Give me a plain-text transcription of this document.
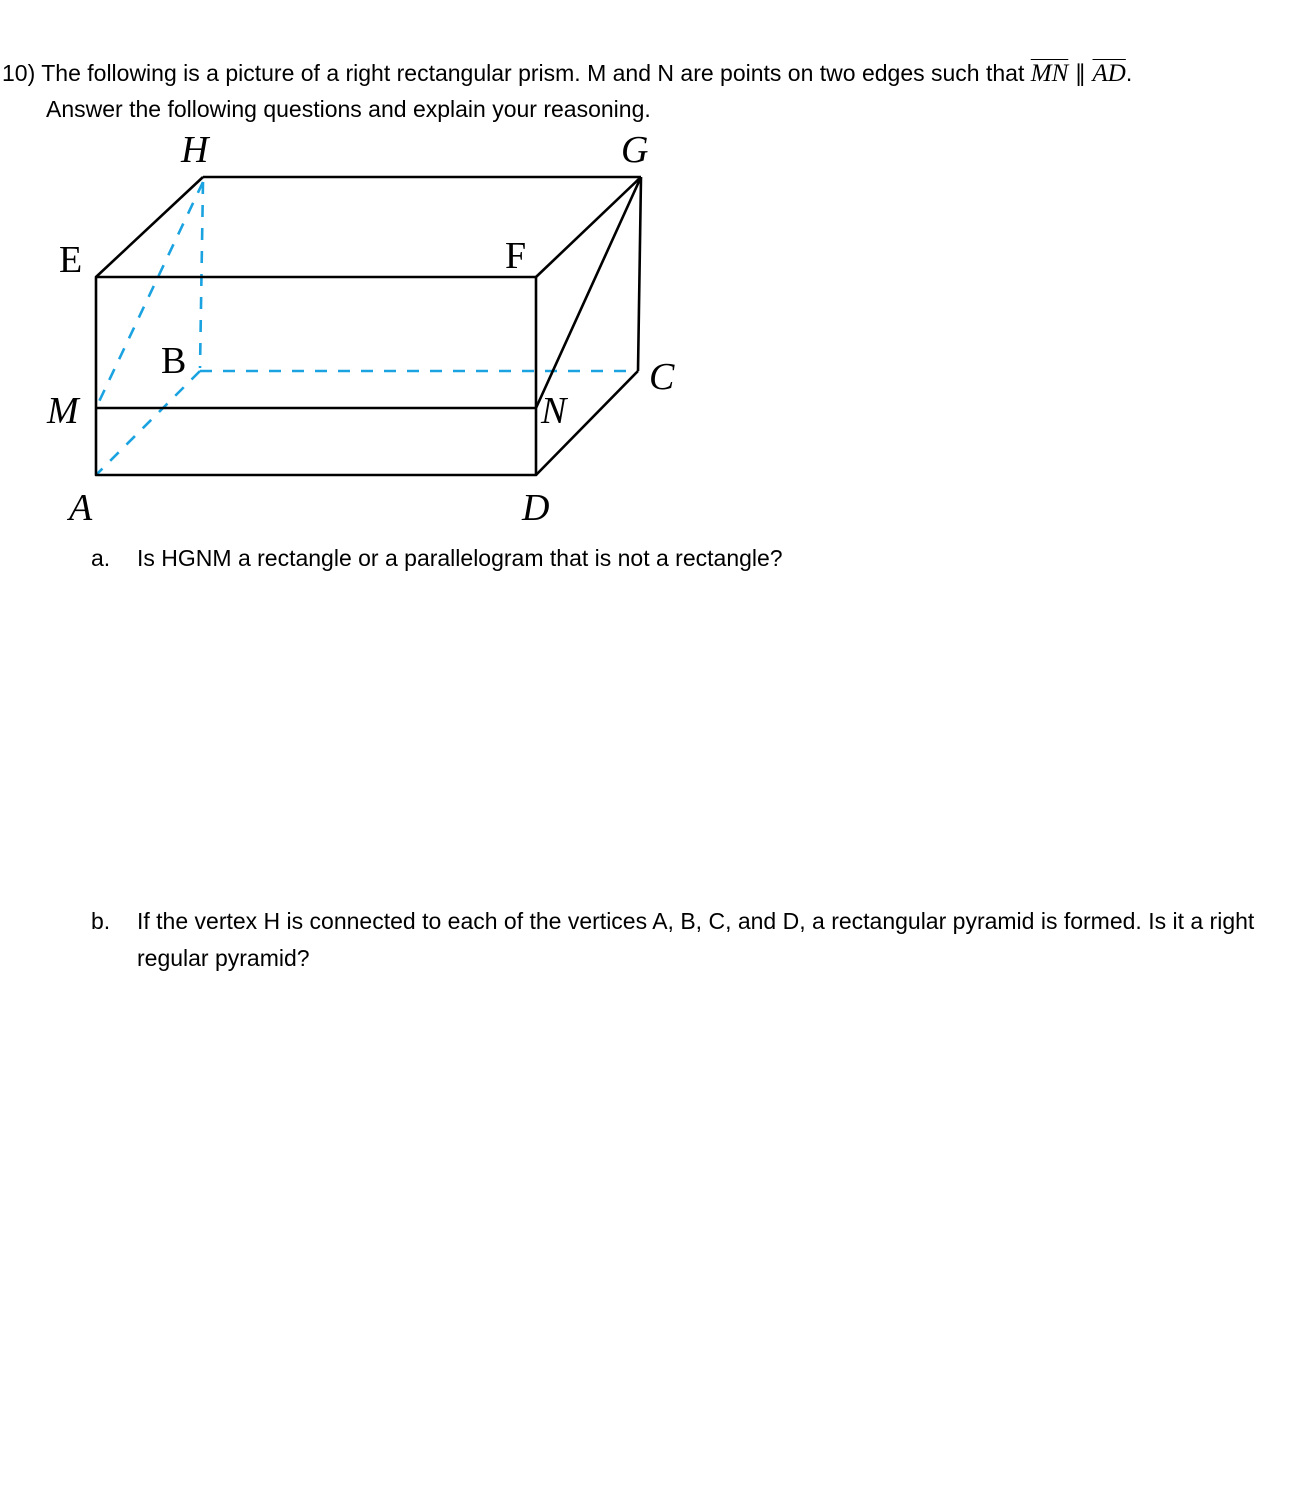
10) The following is a picture of a right rectangular prism. M and N are points on two edges such that $\overline{MN}$ ∥ $\overline{AD}$.
Answer the following questions and explain your reasoning.
H	G
E	F
B	C
M	N
A	D
a.	Is HGNM a rectangle or a parallelogram that is not a rectangle?
b.	If the vertex H is connected to each of the vertices A, B, C, and D, a rectangular pyramid is formed. Is it a right regular pyramid?
